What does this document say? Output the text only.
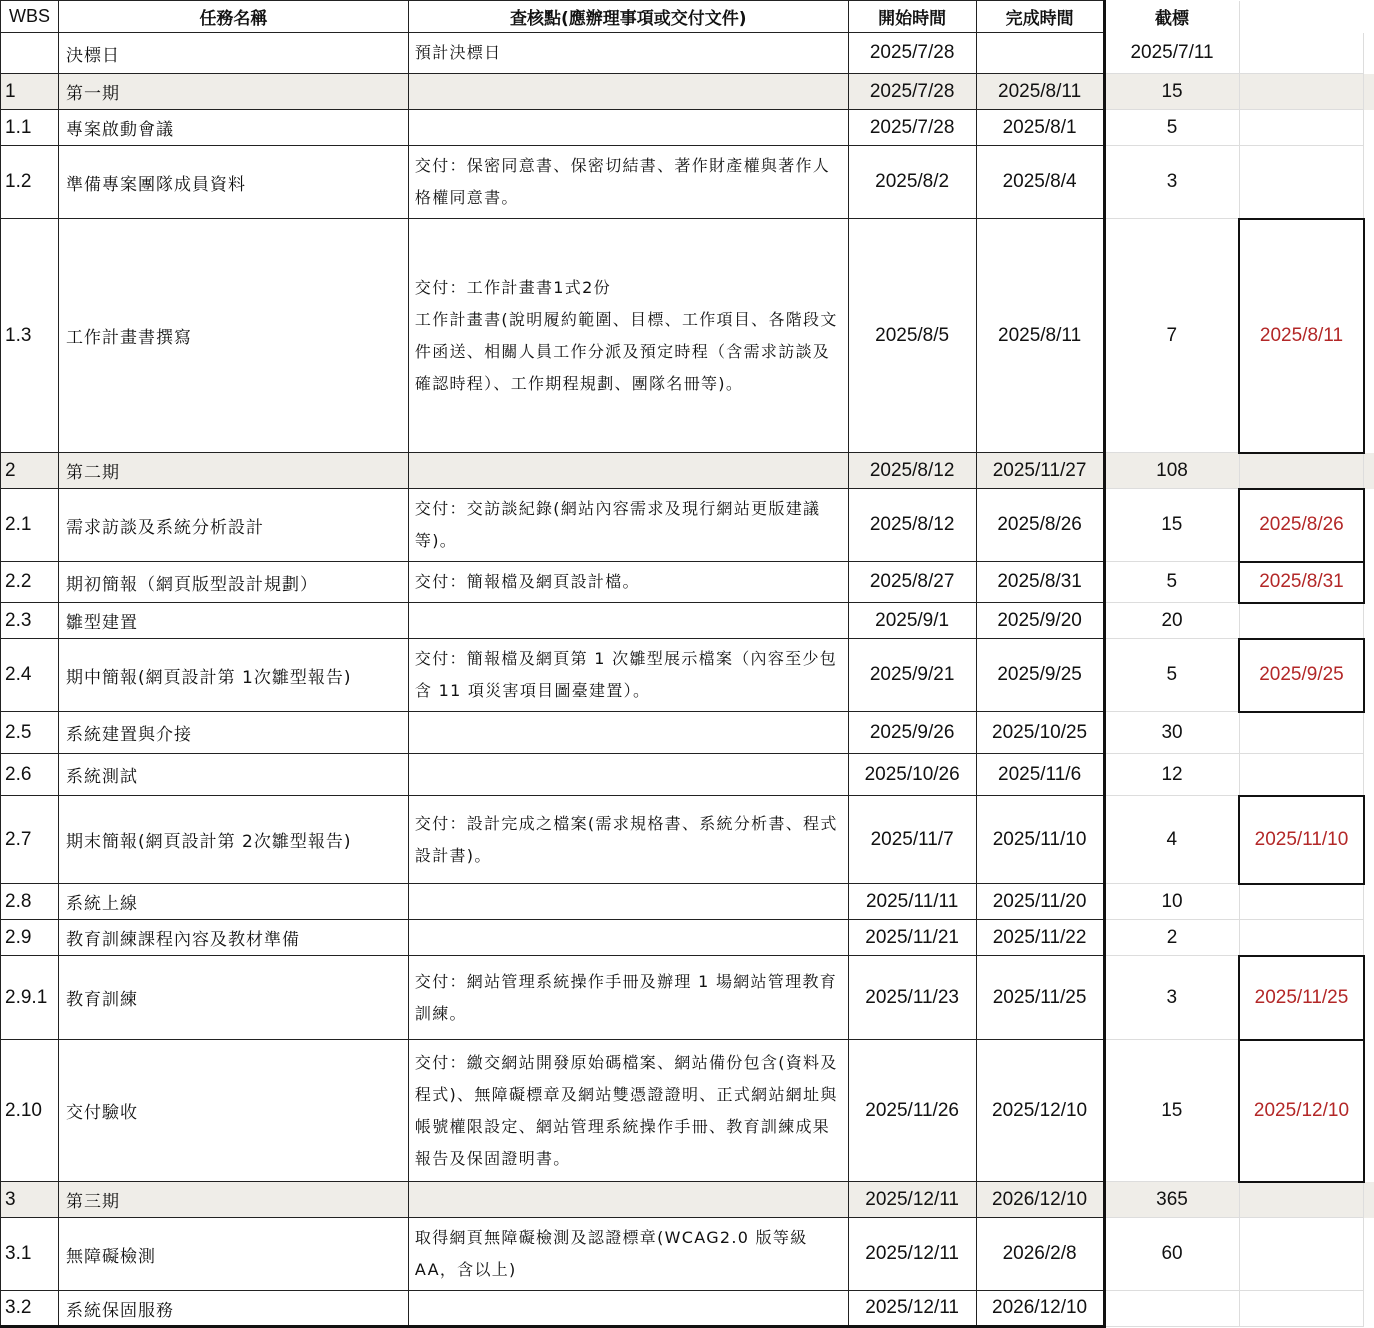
WBS	任務名稱	查核點(應辦理事項或交付文件)	開始時間	完成時間	截標		
	決標日	預計決標日	2025/7/28		2025/7/11		
1	第一期		2025/7/28	2025/8/11	15		
1.1	專案啟動會議		2025/7/28	2025/8/1	5		
1.2	準備專案團隊成員資料	交付：保密同意書、保密切結書、著作財產權與著作人格權同意書。	2025/8/2	2025/8/4	3		
1.3	工作計畫書撰寫	交付：工作計畫書1式2份
工作計畫書(說明履約範圍、目標、工作項目、各階段文件函送、相關人員工作分派及預定時程（含需求訪談及確認時程）、工作期程規劃、團隊名冊等)。	2025/8/5	2025/8/11	7	2025/8/11	
2	第二期		2025/8/12	2025/11/27	108		
2.1	需求訪談及系統分析設計	交付：交訪談紀錄(網站內容需求及現行網站更版建議等)。	2025/8/12	2025/8/26	15	2025/8/26	
2.2	期初簡報（網頁版型設計規劃）	交付：簡報檔及網頁設計檔。	2025/8/27	2025/8/31	5	2025/8/31	
2.3	雛型建置		2025/9/1	2025/9/20	20		
2.4	期中簡報(網頁設計第 1次雛型報告)	交付：簡報檔及網頁第 1 次雛型展示檔案（內容至少包含 11 項災害項目圖臺建置）。	2025/9/21	2025/9/25	5	2025/9/25	
2.5	系統建置與介接		2025/9/26	2025/10/25	30		
2.6	系統測試		2025/10/26	2025/11/6	12		
2.7	期末簡報(網頁設計第 2次雛型報告)	交付：設計完成之檔案(需求規格書、系統分析書、程式設計書)。	2025/11/7	2025/11/10	4	2025/11/10	
2.8	系統上線		2025/11/11	2025/11/20	10		
2.9	教育訓練課程內容及教材準備		2025/11/21	2025/11/22	2		
2.9.1	教育訓練	交付：網站管理系統操作手冊及辦理 1 場網站管理教育訓練。	2025/11/23	2025/11/25	3	2025/11/25	
2.10	交付驗收	交付：繳交網站開發原始碼檔案、網站備份包含(資料及程式)、無障礙標章及網站雙憑證證明、正式網站網址與帳號權限設定、網站管理系統操作手冊、教育訓練成果報告及保固證明書。	2025/11/26	2025/12/10	15	2025/12/10	
3	第三期		2025/12/11	2026/12/10	365		
3.1	無障礙檢測	取得網頁無障礙檢測及認證標章(WCAG2.0 版等級AA，含以上)	2025/12/11	2026/2/8	60		
3.2	系統保固服務		2025/12/11	2026/12/10			
